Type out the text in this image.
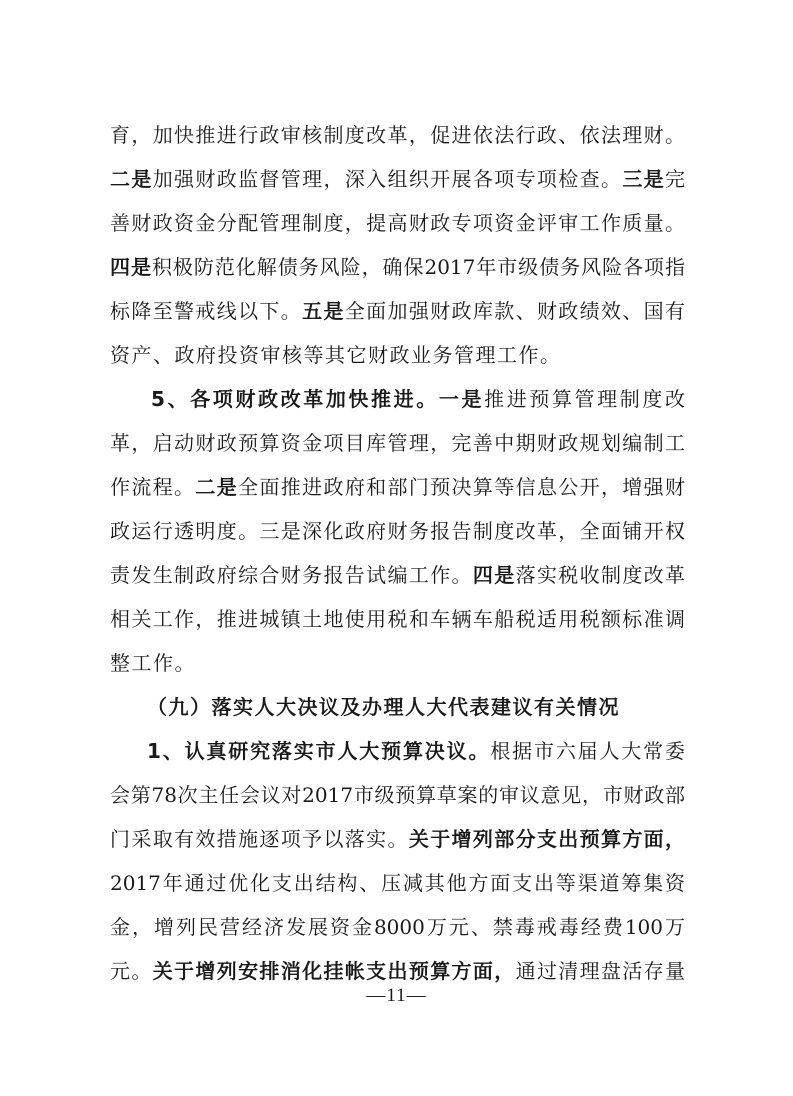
育，加快推进行政审核制度改革，促进依法行政、依法理财。
二是加强财政监督管理，深入组织开展各项专项检查。三是完
善财政资金分配管理制度，提高财政专项资金评审工作质量。
四是积极防范化解债务风险，确保2017年市级债务风险各项指
标降至警戒线以下。五是全面加强财政库款、财政绩效、国有
资产、政府投资审核等其它财政业务管理工作。
5、各项财政改革加快推进。一是推进预算管理制度改
革，启动财政预算资金项目库管理，完善中期财政规划编制工
作流程。二是全面推进政府和部门预决算等信息公开，增强财
政运行透明度。三是深化政府财务报告制度改革，全面铺开权
责发生制政府综合财务报告试编工作。四是落实税收制度改革
相关工作，推进城镇土地使用税和车辆车船税适用税额标准调
整工作。
（九）落实人大决议及办理人大代表建议有关情况
1、认真研究落实市人大预算决议。根据市六届人大常委
会第78次主任会议对2017市级预算草案的审议意见，市财政部
门采取有效措施逐项予以落实。关于增列部分支出预算方面，
2017年通过优化支出结构、压减其他方面支出等渠道筹集资
金，增列民营经济发展资金8000万元、禁毒戒毒经费100万
元。关于增列安排消化挂帐支出预算方面，通过清理盘活存量
—11—
